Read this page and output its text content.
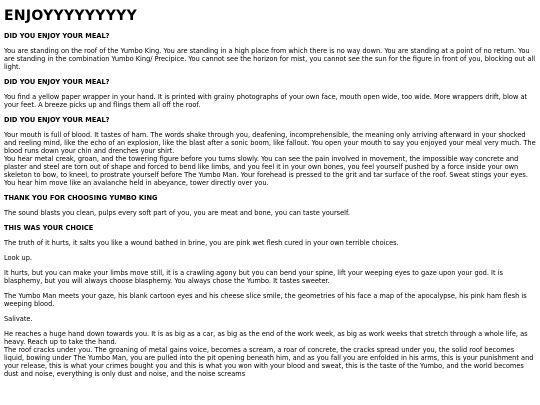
ENJOYYYYYYYYY
DID YOU ENJOY YOUR MEAL?

You are standing on the roof of the Yumbo King. You are standing in a high place from which there is no way down. You are standing at a point of no return. You are standing in the combination Yumbo King/ Precipice. You cannot see the horizon for mist, you cannot see the sun for the figure in front of you, blocking out all light.

DID YOU ENJOY YOUR MEAL?

You find a yellow paper wrapper in your hand. It is printed with grainy photographs of your own face, mouth open wide, too wide. More wrappers drift, blow at your feet. A breeze picks up and flings them all off the roof.

DID YOU ENJOY YOUR MEAL?

Your mouth is full of blood. It tastes of ham. The words shake through you, deafening, incomprehensible, the meaning only arriving afterward in your shocked and reeling mind, like the echo of an explosion, like the blast after a sonic boom, like fallout. You open your mouth to say you enjoyed your meal very much. The blood runs down your chin and drenches your shirt.
You hear metal creak, groan, and the towering figure before you turns slowly. You can see the pain involved in movement, the impossible way concrete and plaster and steel are torn out of shape and forced to bend like limbs, and you feel it in your own bones, you feel yourself pushed by a force inside your own skeleton to bow, to kneel, to prostrate yourself before The Yumbo Man. Your forehead is pressed to the grit and tar surface of the roof. Sweat stings your eyes. You hear him move like an avalanche held in abeyance, tower directly over you.

THANK YOU FOR CHOOSING YUMBO KING

The sound blasts you clean, pulps every soft part of you, you are meat and bone, you can taste yourself.

THIS WAS YOUR CHOICE

The truth of it hurts, it salts you like a wound bathed in brine, you are pink wet flesh cured in your own terrible choices.

Look up.

It hurts, but you can make your limbs move still, it is a crawling agony but you can bend your spine, lift your weeping eyes to gaze upon your god. It is blasphemy, but you will always choose blasphemy. You always chose the Yumbo. It tastes sweeter.

The Yumbo Man meets your gaze, his blank cartoon eyes and his cheese slice smile, the geometries of his face a map of the apocalypse, his pink ham flesh is weeping blood.

Salivate.

He reaches a huge hand down towards you. It is as big as a car, as big as the end of the work week, as big as work weeks that stretch through a whole life, as heavy. Reach up to take the hand.
The roof cracks under you. The groaning of metal gains voice, becomes a scream, a roar of concrete, the cracks spread under you, the solid roof becomes liquid, bowing under The Yumbo Man, you are pulled into the pit opening beneath him, and as you fall you are enfolded in his arms, this is your punishment and your release, this is what your crimes bought you and this is what you won with your blood and sweat, this is the taste of the Yumbo, and the world becomes dust and noise, everything is only dust and noise, and the noise screams
